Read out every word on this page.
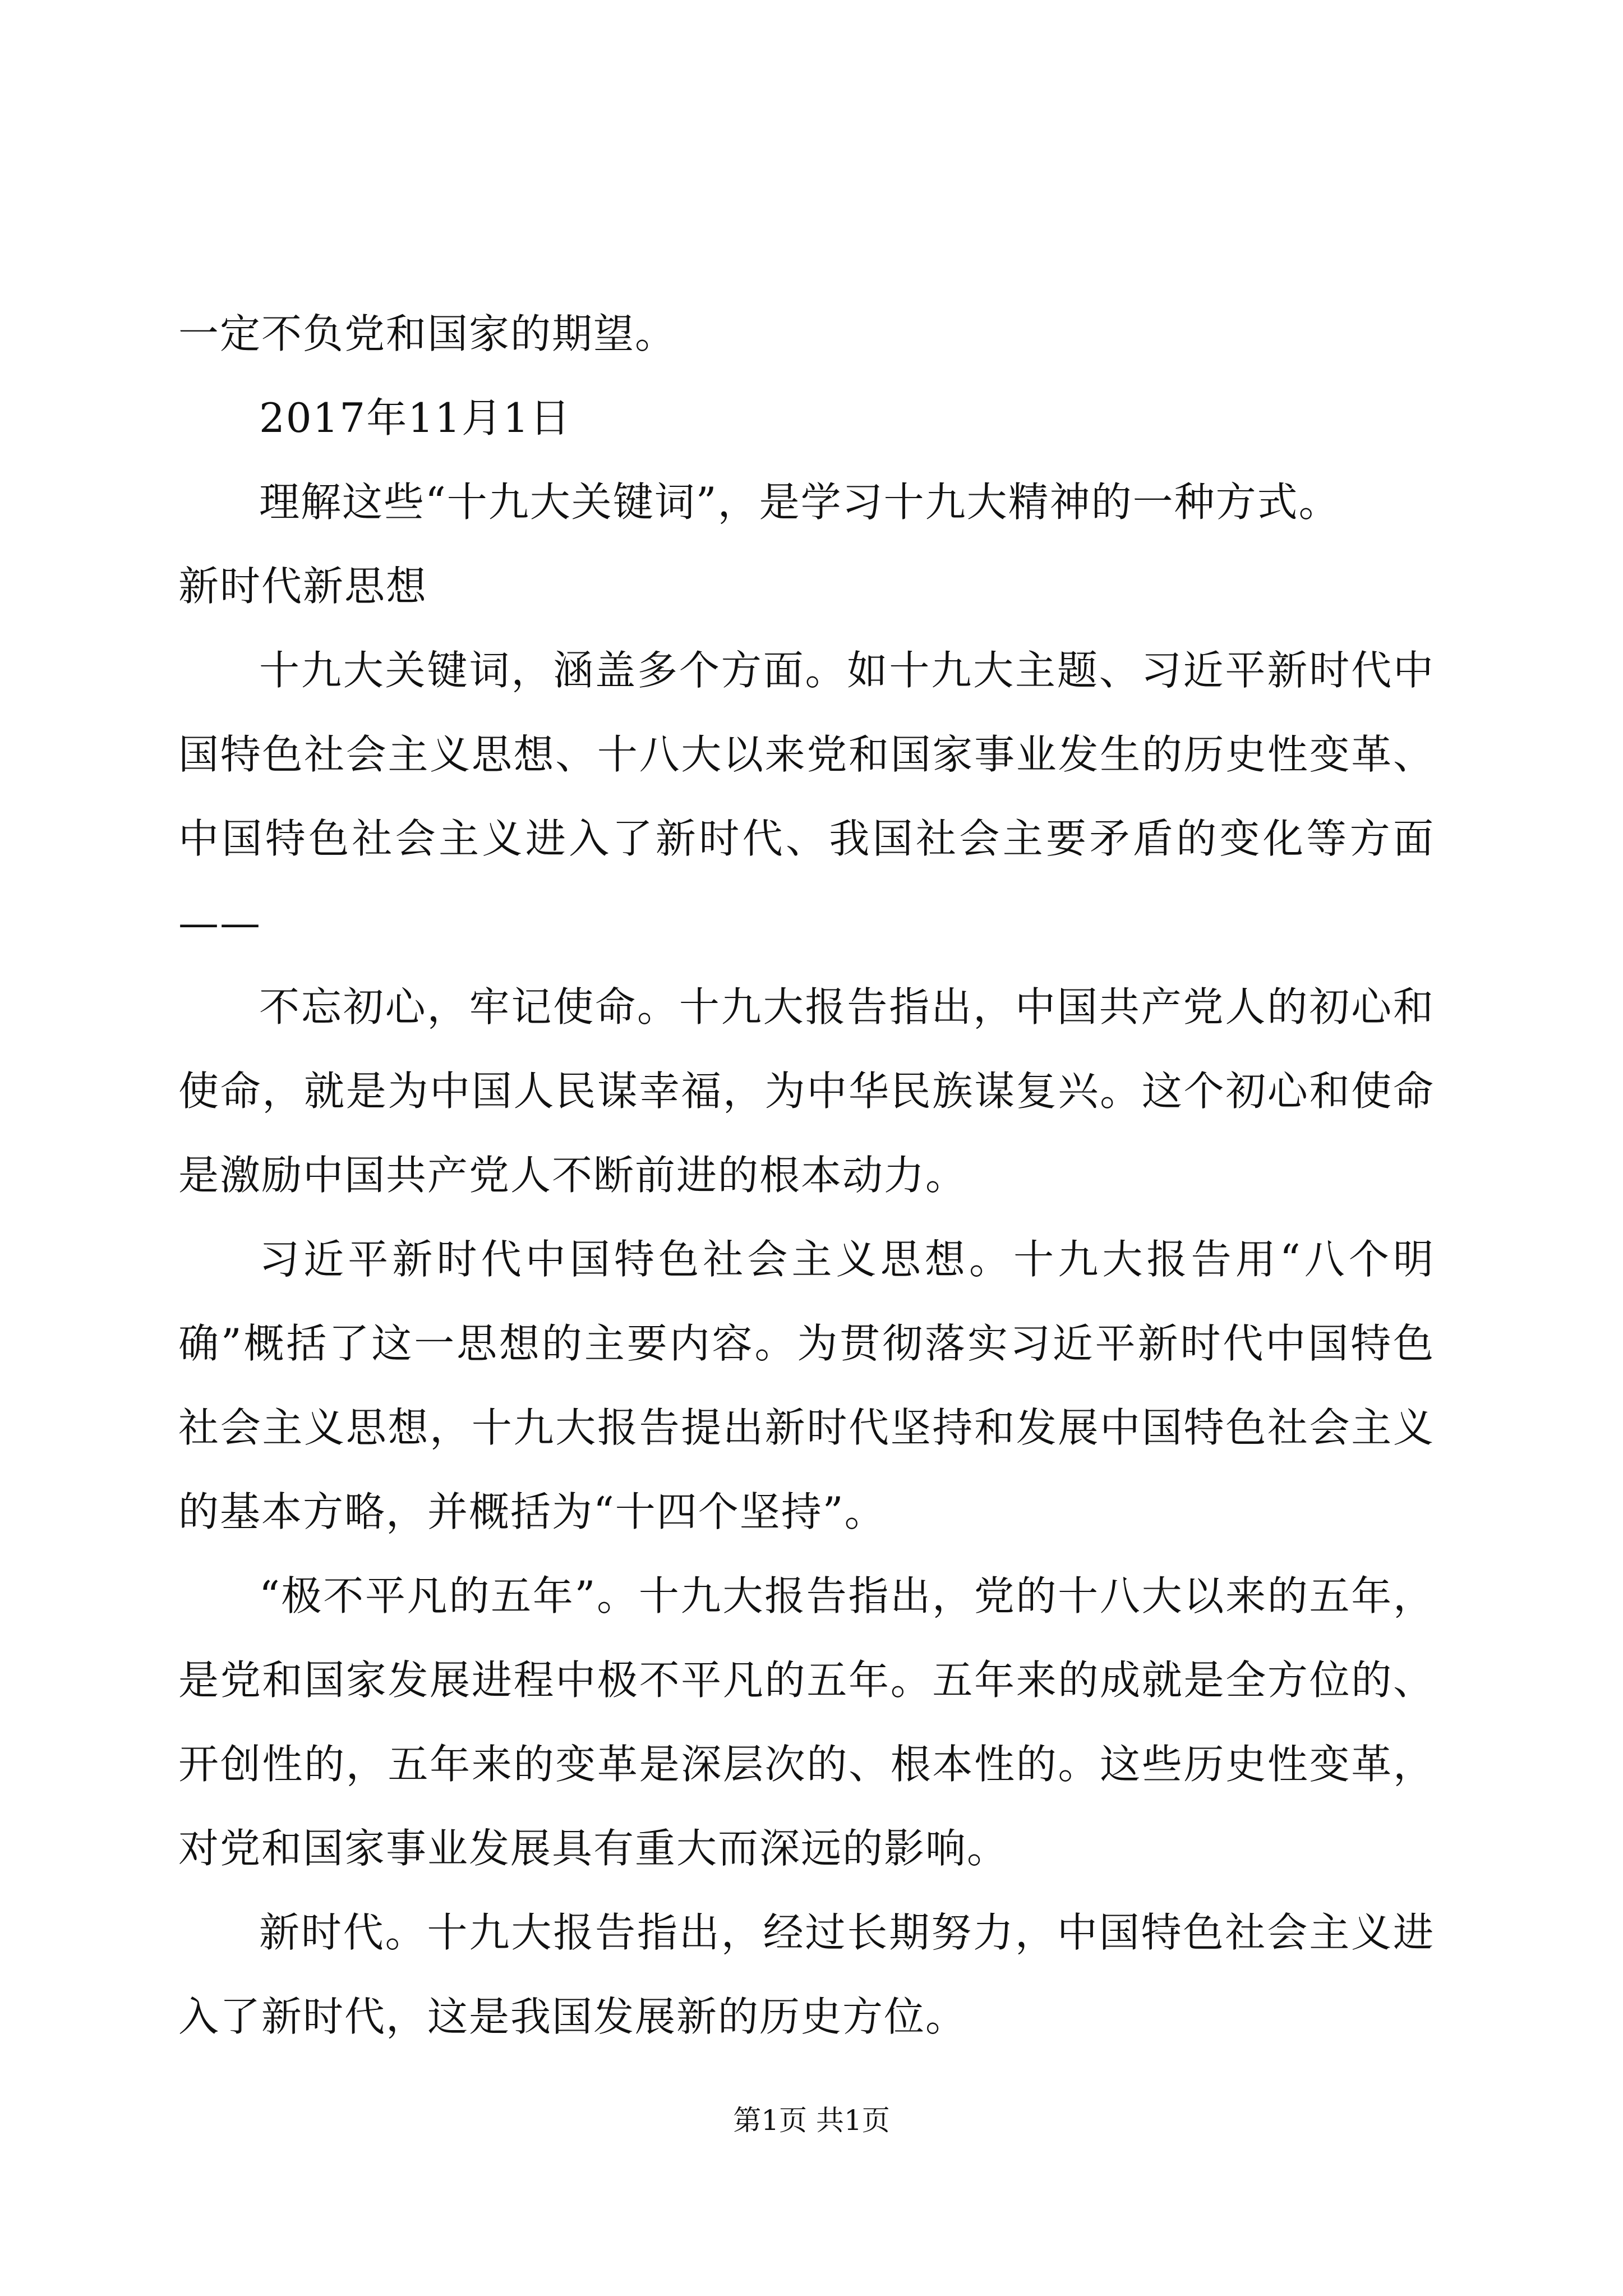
一定不负党和国家的期望。

2017年11月1日

理解这些“十九大关键词”，是学习十九大精神的一种方式。

新时代新思想

十九大关键词，涵盖多个方面。如十九大主题、习近平新时代中国特色社会主义思想、十八大以来党和国家事业发生的历史性变革、中国特色社会主义进入了新时代、我国社会主要矛盾的变化等方面——

不忘初心，牢记使命。十九大报告指出，中国共产党人的初心和使命，就是为中国人民谋幸福，为中华民族谋复兴。这个初心和使命是激励中国共产党人不断前进的根本动力。

习近平新时代中国特色社会主义思想。十九大报告用“八个明确”概括了这一思想的主要内容。为贯彻落实习近平新时代中国特色社会主义思想，十九大报告提出新时代坚持和发展中国特色社会主义的基本方略，并概括为“十四个坚持”。

“极不平凡的五年”。十九大报告指出，党的十八大以来的五年，是党和国家发展进程中极不平凡的五年。五年来的成就是全方位的、开创性的，五年来的变革是深层次的、根本性的。这些历史性变革，对党和国家事业发展具有重大而深远的影响。

新时代。十九大报告指出，经过长期努力，中国特色社会主义进入了新时代，这是我国发展新的历史方位。

第1页 共1页
